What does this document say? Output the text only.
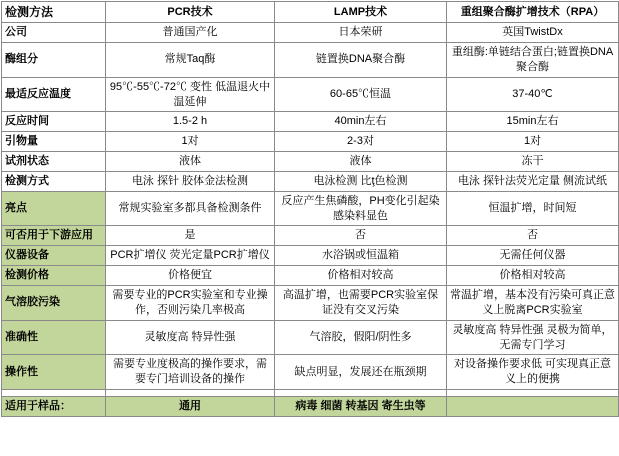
检测方法	PCR技术	LAMP技术	重组聚合酶扩增技术（RPA）
公司	普通国产化	日本荣研	英国TwistDx
酶组分	常规Taq酶	链置换DNA聚合酶	重组酶:单链结合蛋白;链置换DNA聚合酶
最适反应温度	95℃-55℃-72℃ 变性 低温退火中温延伸	60-65℃恒温	37-40℃
反应时间	1.5-2 h	40min左右	15min左右
引物量	1对	2-3对	1对
试剂状态	液体	液体	冻干
检测方式	电泳 探针 胶体金法检测	电泳检测 比ţ色检测	电泳 探针法荧光定量 侧流试纸
亮点	常规实验室多都具备检测条件	反应产生焦磷酸，PH变化引起染感染料显色	恒温扩增，时间短
可否用于下游应用	是	否	否
仪器设备	PCR扩增仪 荧光定量PCR扩增仪	水浴锅或恒温箱	无需任何仪器
检测价格	价格便宜	价格相对较高	价格相对较高
气溶胶污染	需要专业的PCR实验室和专业操作，否则污染几率极高	高温扩增，也需要PCR实验室保证没有交叉污染	常温扩增，基本没有污染可真正意义上脱离PCR实验室
准确性	灵敏度高 特异性强	气溶胶，假阳/阴性多	灵敏度高 特异性强 灵极为简单，无需专门学习
操作性	需要专业度极高的操作要求，需要专门培训设备的操作	缺点明显，发展还在瓶颈期	对设备操作要求低 可实现真正意义上的便携

适用于样品：	通用	病毒 细菌 转基因 寄生虫等	
